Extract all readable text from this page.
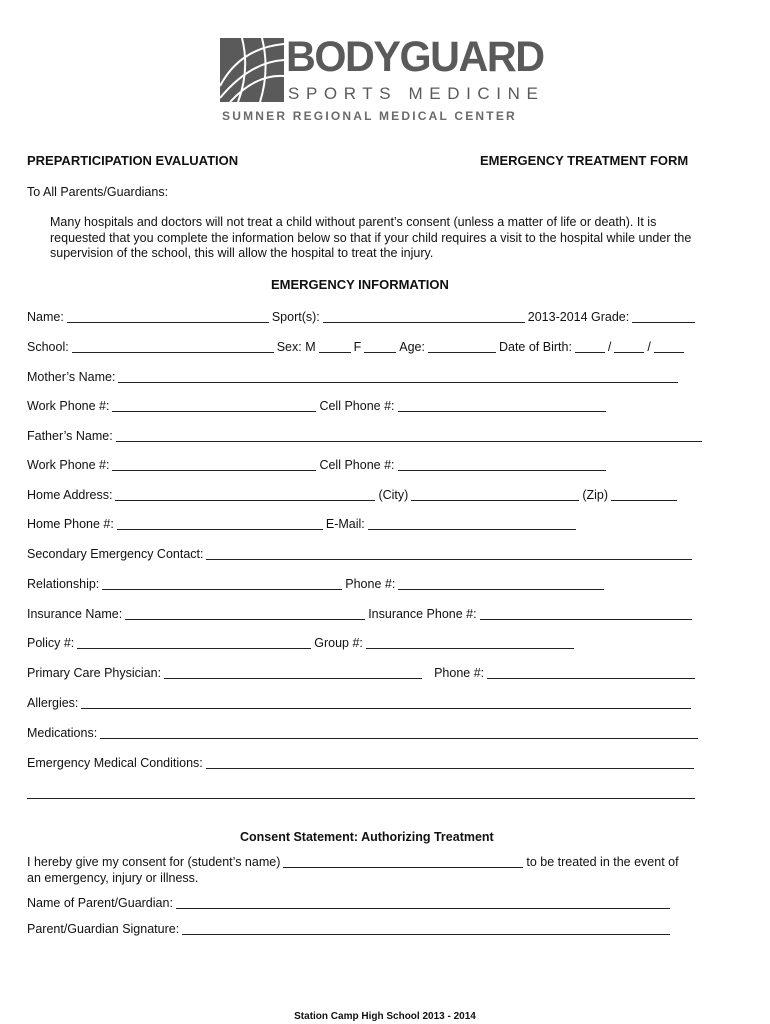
BODYGUARD
SPORTS MEDICINE
SUMNER REGIONAL MEDICAL CENTER
PREPARTICIPATION EVALUATION	EMERGENCY TREATMENT FORM
To All Parents/Guardians:
Many hospitals and doctors will not treat a child without parent’s consent (unless a matter of life or death). It is requested that you complete the information below so that if your child requires a visit to the hospital while under the supervision of the school, this will allow the hospital to treat the injury.
EMERGENCY INFORMATION
Name:	Sport(s):	2013-2014 Grade:
School:	Sex: M	F	Age:	Date of Birth:	/	/
Mother’s Name:
Work Phone #:	Cell Phone #:
Father’s Name:
Work Phone #:	Cell Phone #:
Home Address:	(City)	(Zip)
Home Phone #:	E-Mail:
Secondary Emergency Contact:
Relationship:	Phone #:
Insurance Name:	Insurance Phone #:
Policy #:	Group #:
Primary Care Physician:	Phone #:
Allergies:
Medications:
Emergency Medical Conditions:
Consent Statement: Authorizing Treatment
I hereby give my consent for (student’s name)	to be treated in the event of
an emergency, injury or illness.
Name of Parent/Guardian:
Parent/Guardian Signature:
Station Camp High School 2013 - 2014
